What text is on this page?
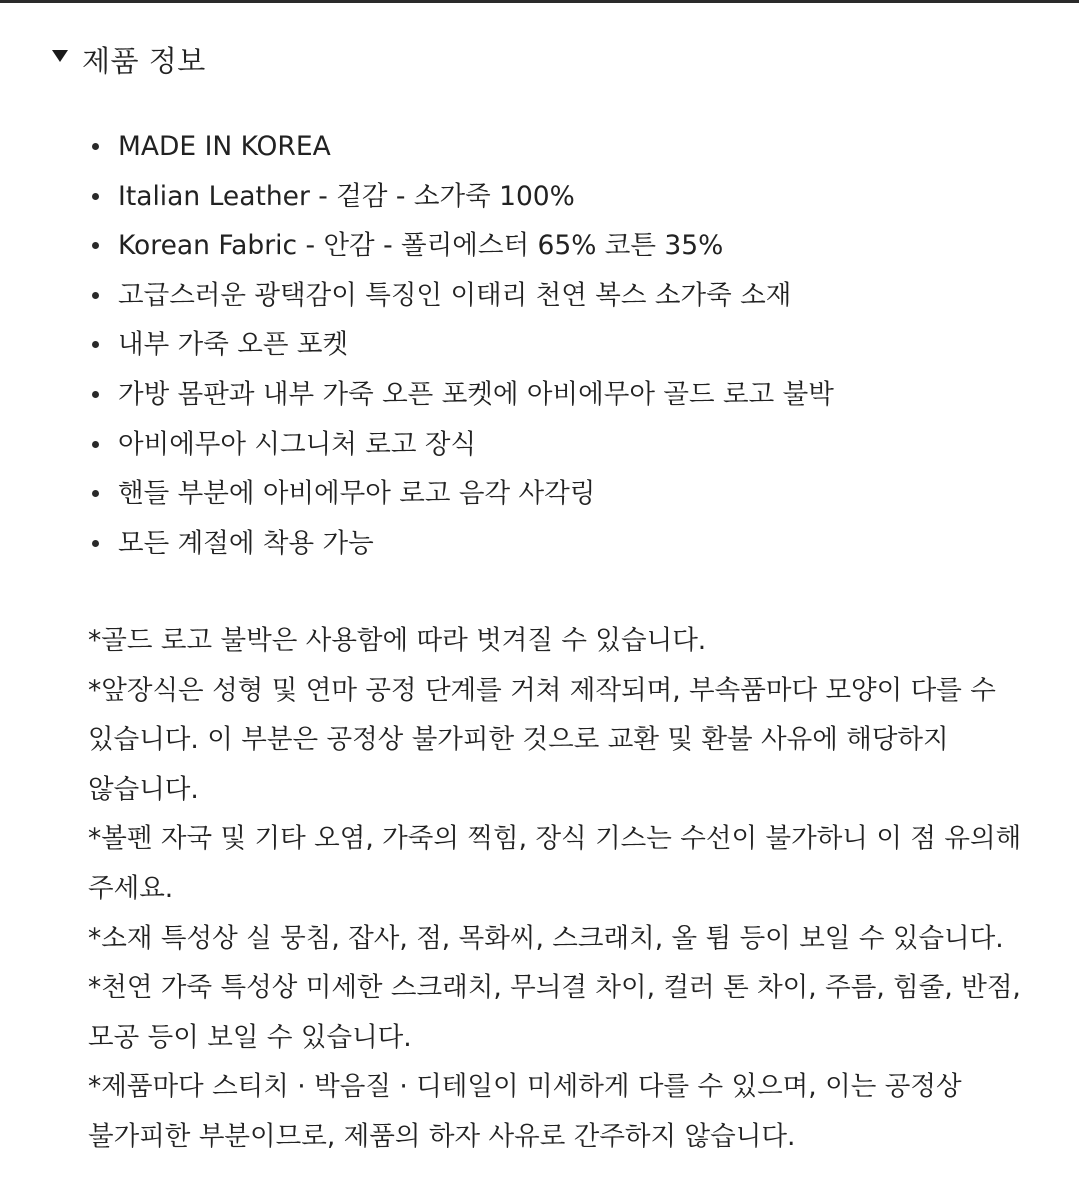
제품 정보
MADE IN KOREA
Italian Leather - 겉감 - 소가죽 100%
Korean Fabric - 안감 - 폴리에스터 65% 코튼 35%
고급스러운 광택감이 특징인 이태리 천연 복스 소가죽 소재
내부 가죽 오픈 포켓
가방 몸판과 내부 가죽 오픈 포켓에 아비에무아 골드 로고 불박
아비에무아 시그니처 로고 장식
핸들 부분에 아비에무아 로고 음각 사각링
모든 계절에 착용 가능

*골드 로고 불박은 사용함에 따라 벗겨질 수 있습니다.

*앞장식은 성형 및 연마 공정 단계를 거쳐 제작되며, 부속품마다 모양이 다를 수 있습니다. 이 부분은 공정상 불가피한 것으로 교환 및 환불 사유에 해당하지 않습니다.

*볼펜 자국 및 기타 오염, 가죽의 찍힘, 장식 기스는 수선이 불가하니 이 점 유의해 주세요.

*소재 특성상 실 뭉침, 잡사, 점, 목화씨, 스크래치, 올 튐 등이 보일 수 있습니다.

*천연 가죽 특성상 미세한 스크래치, 무늬결 차이, 컬러 톤 차이, 주름, 힘줄, 반점, 모공 등이 보일 수 있습니다.

*제품마다 스티치 · 박음질 · 디테일이 미세하게 다를 수 있으며, 이는 공정상 불가피한 부분이므로, 제품의 하자 사유로 간주하지 않습니다.
